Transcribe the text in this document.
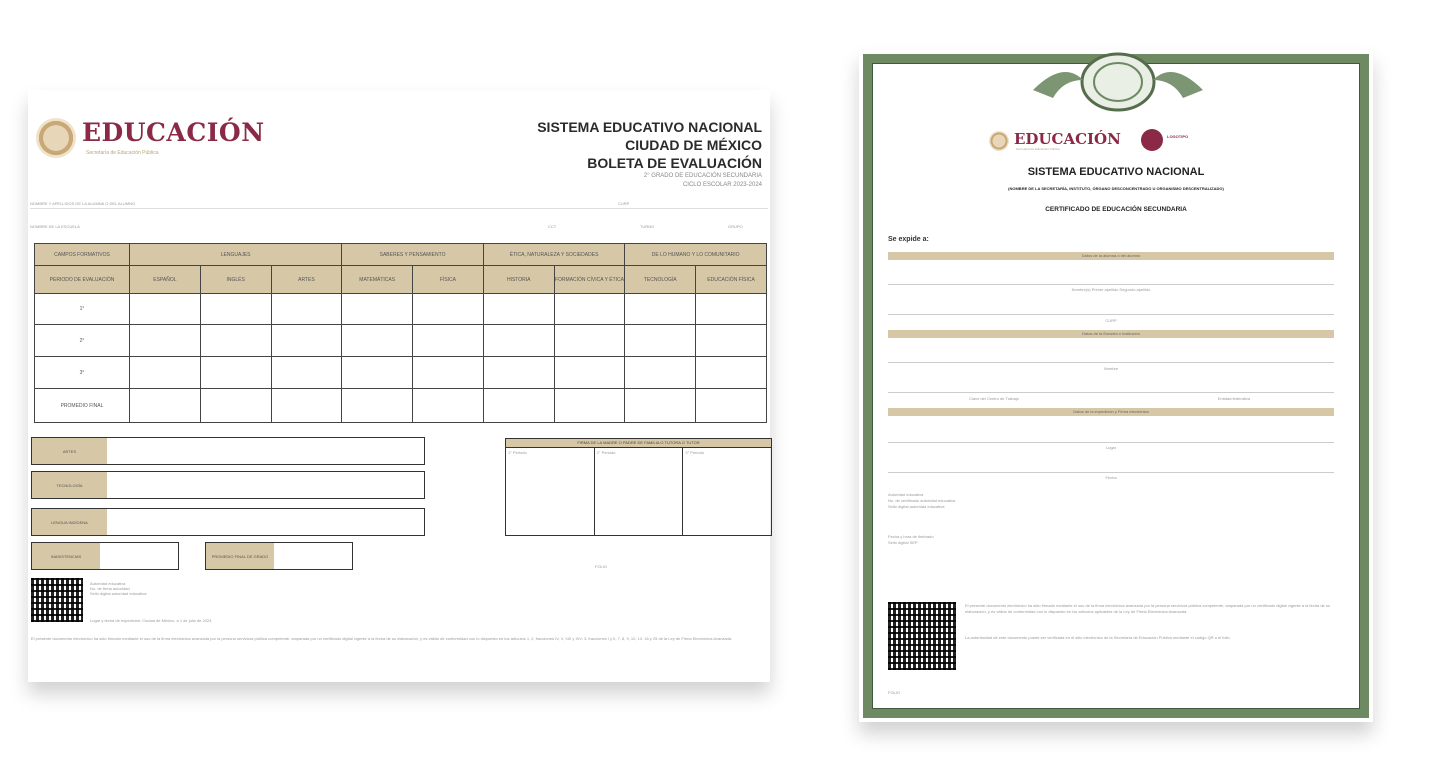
EDUCACIÓN
Secretaría de Educación Pública
SISTEMA EDUCATIVO NACIONAL
CIUDAD DE MÉXICO
BOLETA DE EVALUACIÓN
2° GRADO DE EDUCACIÓN SECUNDARIA
CICLO ESCOLAR 2023-2024
NOMBRE Y APELLIDOS DE LA ALUMNA O DEL ALUMNO	CURP
NOMBRE DE LA ESCUELA	CCT	TURNO	GRUPO
CAMPOS FORMATIVOS	LENGUAJES			SABERES Y PENSAMIENTO		ÉTICA, NATURALEZA Y SOCIEDADES		DE LO HUMANO Y LO COMUNITARIO	
PERIODO DE EVALUACIÓN	ESPAÑOL	INGLÉS	ARTES	MATEMÁTICAS	FÍSICA	HISTORIA	FORMACIÓN CÍVICA Y ÉTICA	TECNOLOGÍA	EDUCACIÓN FÍSICA
1°									
2°									
3°									
PROMEDIO FINAL									
ARTES
TECNOLOGÍA
LENGUA INDÍGENA
INASISTENCIAS	PROMEDIO FINAL DE GRADO
FIRMA DE LA MADRE O PADRE DE FAMILIA O TUTORA O TUTOR
1° Periodo	2° Periodo	3° Periodo
FOLIO
Autoridad educativa
No. de firma autoridad
Sello digital autoridad educativa
Lugar y fecha de expedición: Ciudad de México, a 1 de julio de 2024
El presente documento electrónico ha sido firmado mediante el uso de la firma electrónica avanzada por la persona servidora pública competente, amparada por un certificado digital vigente a la fecha de su elaboración, y es válido de conformidad con lo dispuesto en los artículos 1, 2, fracciones IV, V, XIII y XIV; 3, fracciones I y II, 7, 8, 9, 10, 13, 16 y 25 de la Ley de Firma Electrónica Avanzada.
EDUCACIÓN
Secretaría de Educación Pública
LOGOTIPO
SISTEMA EDUCATIVO NACIONAL
(NOMBRE DE LA SECRETARÍA, INSTITUTO, ÓRGANO DESCONCENTRADO U ORGANISMO DESCENTRALIZADO)
CERTIFICADO DE EDUCACIÓN SECUNDARIA
Se expide a:
Datos de la alumna o del alumno
Nombre(s) Primer apellido Segundo apellido
CURP
Datos de la Escuela o Institución
Nombre
Clave del Centro de Trabajo	Entidad federativa
Datos de la expedición y Firma electrónica
Lugar
Fecha
Autoridad educativa
No. de certificado autoridad educativa
Sello digital autoridad educativa
Fecha y hora de timbrado
Sello digital SEP
El presente documento electrónico ha sido firmado mediante el uso de la firma electrónica avanzada por la persona servidora pública competente, amparada por un certificado digital vigente a la fecha de su elaboración, y es válido de conformidad con lo dispuesto en los artículos aplicables de la Ley de Firma Electrónica Avanzada.
La autenticidad de este documento puede ser verificada en el sitio electrónico de la Secretaría de Educación Pública mediante el código QR o el folio.
FOLIO
